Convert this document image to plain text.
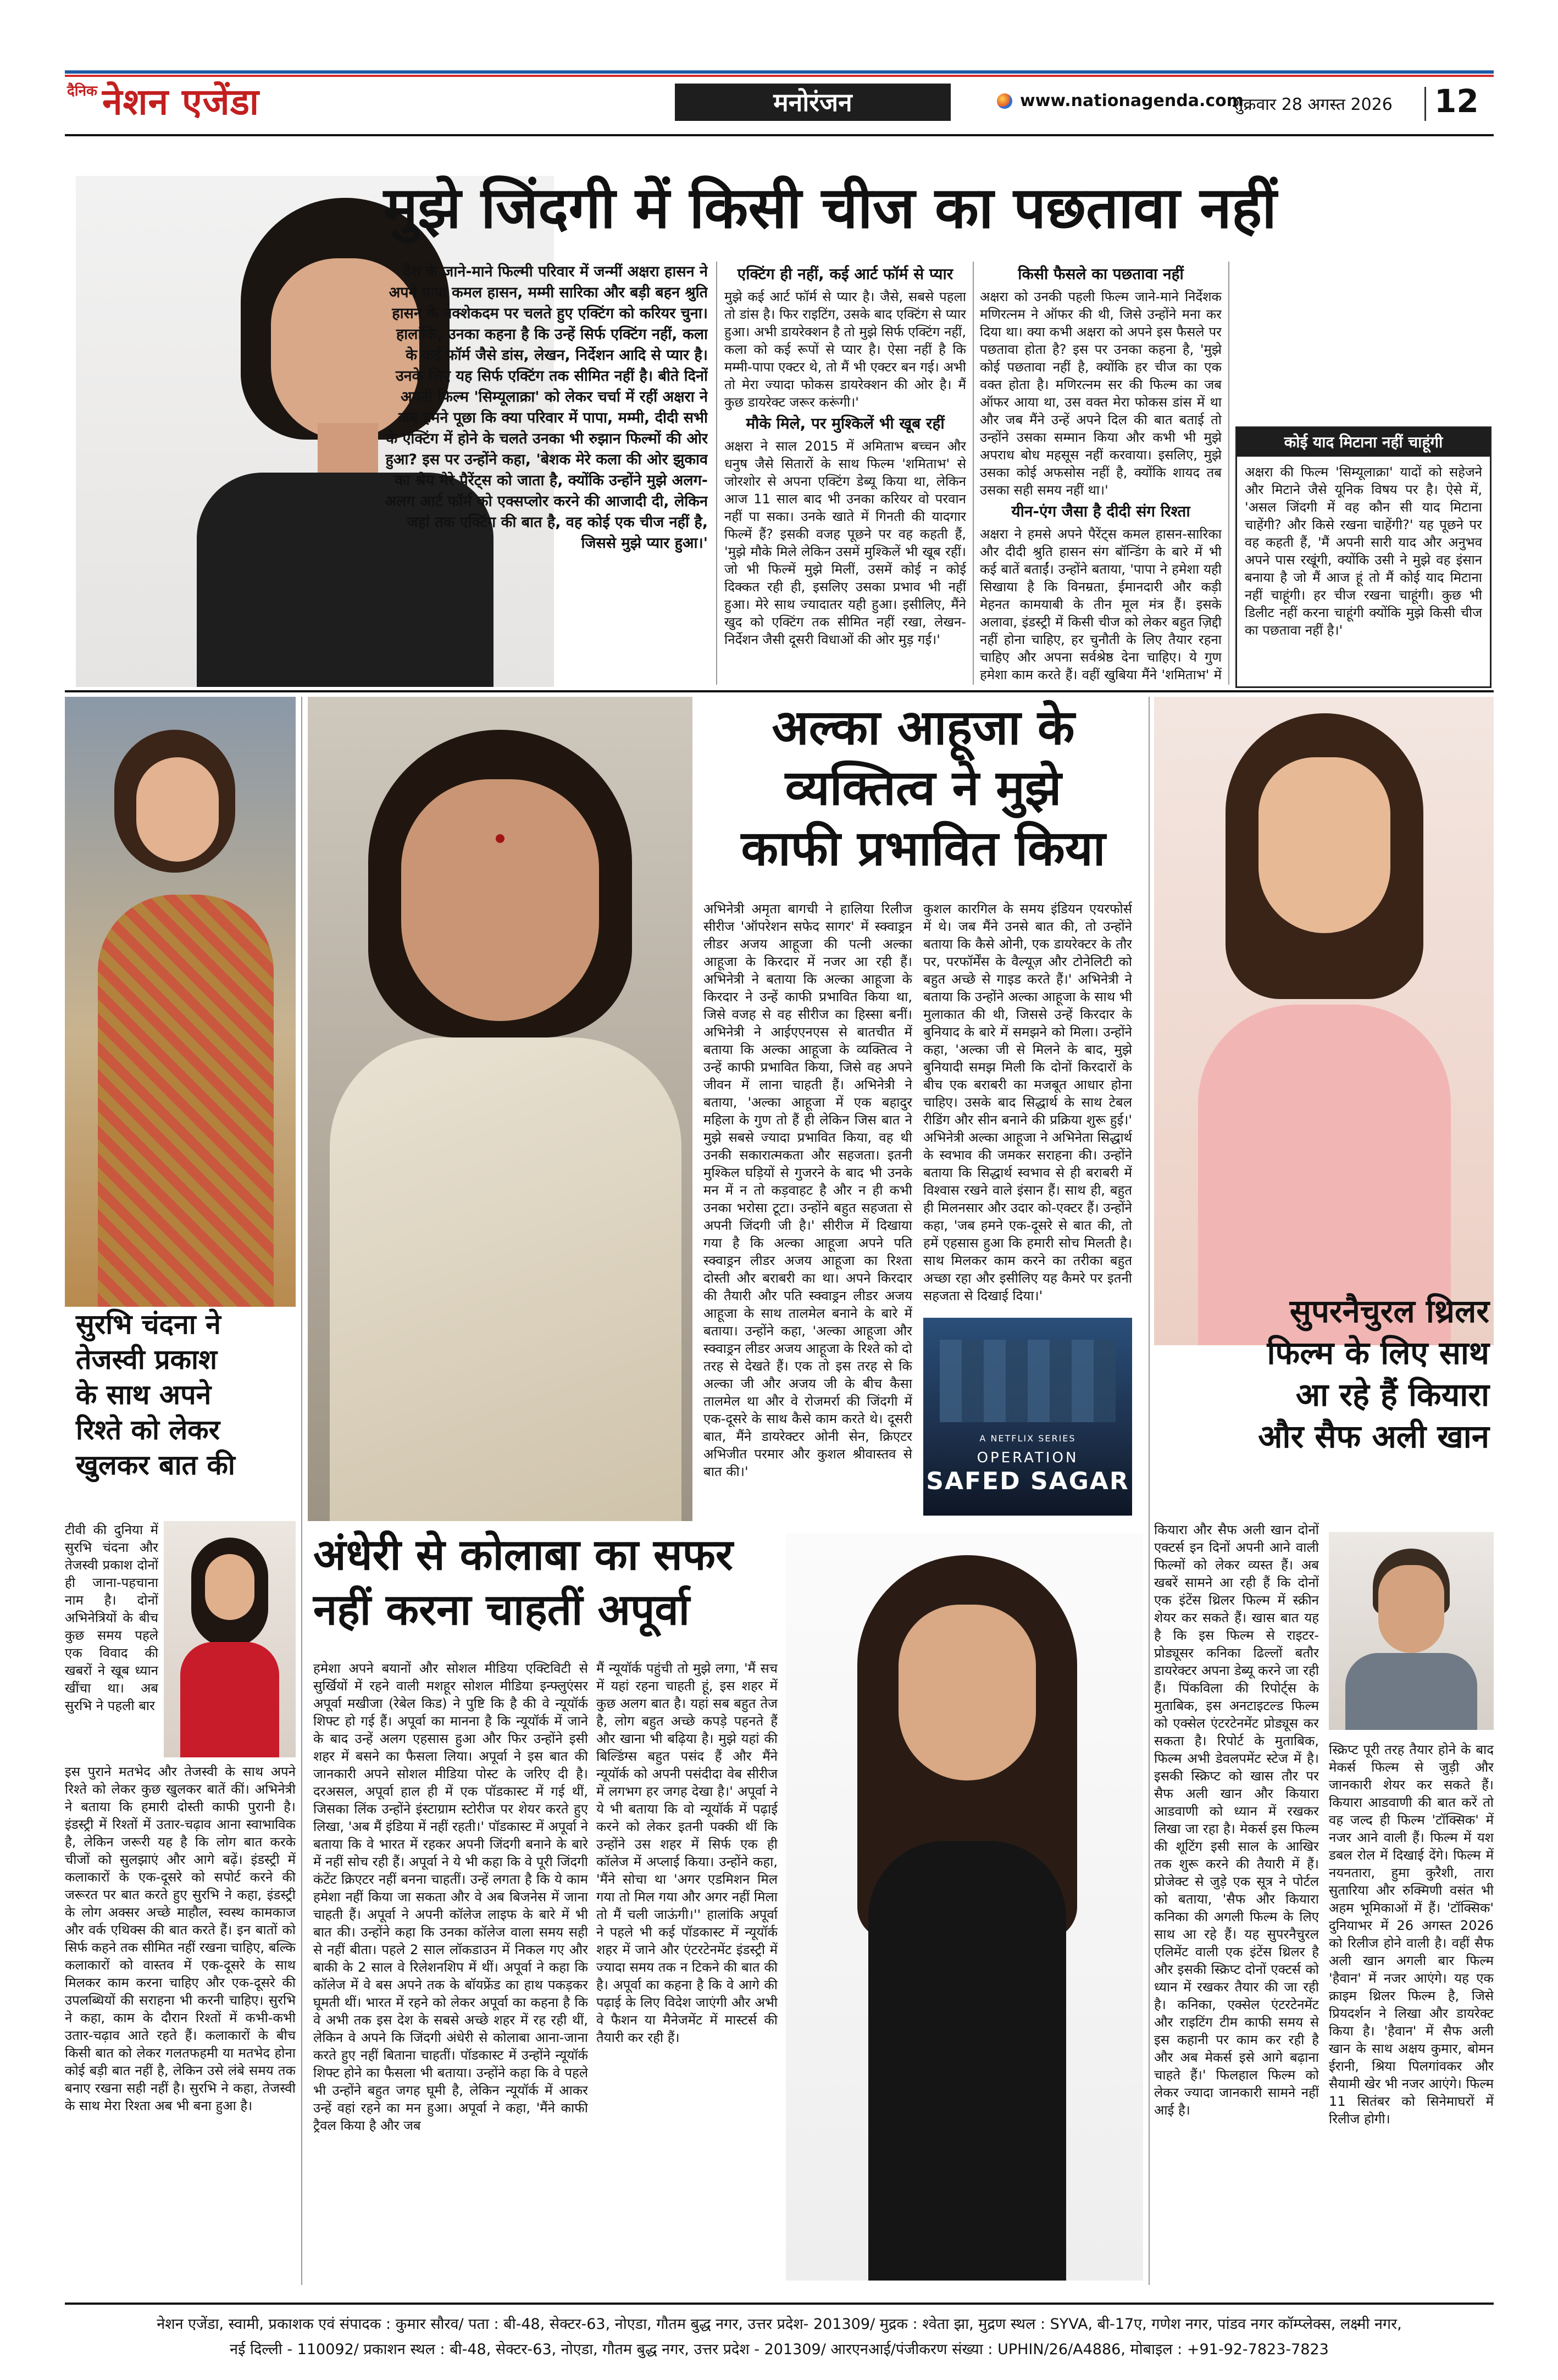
दैनिक नेशन एजेंडा	मनोरंजन	www.nationagenda.com
शुक्रवार 28 अगस्त 2026 12
मुझे जिंदगी में किसी चीज का पछतावा नहीं

देश के जाने-माने फिल्मी परिवार में जन्मीं अक्षरा हासन ने अपने पापा कमल हासन, मम्मी सारिका और बड़ी बहन श्रुति हासन के नक्शेकदम पर चलते हुए एक्टिंग को करियर चुना। हालांकि, उनका कहना है कि उन्हें सिर्फ एक्टिंग नहीं, कला के कई फॉर्म जैसे डांस, लेखन, निर्देशन आदि से प्यार है। उनके लिए यह सिर्फ एक्टिंग तक सीमित नहीं है। बीते दिनों अपनी फिल्म 'सिम्यूलाक्रा' को लेकर चर्चा में रहीं अक्षरा ने जब हमने पूछा कि क्या परिवार में पापा, मम्मी, दीदी सभी के एक्टिंग में होने के चलते उनका भी रुझान फिल्मों की ओर हुआ? इस पर उन्होंने कहा, 'बेशक मेरे कला की ओर झुकाव का श्रेय मेरे पैरेंट्स को जाता है, क्योंकि उन्होंने मुझे अलग-अलग आर्ट फॉर्म को एक्सप्लोर करने की आजादी दी, लेकिन जहां तक एक्टिंग की बात है, वह कोई एक चीज नहीं है, जिससे मुझे प्यार हुआ।'

एक्टिंग ही नहीं, कई आर्ट फॉर्म से प्यार

मुझे कई आर्ट फॉर्म से प्यार है। जैसे, सबसे पहला तो डांस है। फिर राइटिंग, उसके बाद एक्टिंग से प्यार हुआ। अभी डायरेक्शन है तो मुझे सिर्फ एक्टिंग नहीं, कला को कई रूपों से प्यार है। ऐसा नहीं है कि मम्मी-पापा एक्टर थे, तो मैं भी एक्टर बन गई। अभी तो मेरा ज्यादा फोकस डायरेक्शन की ओर है। मैं कुछ डायरेक्ट जरूर करूंगी।'

मौके मिले, पर मुश्किलें भी खूब रहीं

अक्षरा ने साल 2015 में अमिताभ बच्चन और धनुष जैसे सितारों के साथ फिल्म 'शमिताभ' से जोरशोर से अपना एक्टिंग डेब्यू किया था, लेकिन आज 11 साल बाद भी उनका करियर वो परवान नहीं पा सका। उनके खाते में गिनती की यादगार फिल्में हैं? इसकी वजह पूछने पर वह कहती हैं, 'मुझे मौके मिले लेकिन उसमें मुश्किलें भी खूब रहीं। जो भी फिल्में मुझे मिलीं, उसमें कोई न कोई दिक्कत रही ही, इसलिए उसका प्रभाव भी नहीं हुआ। मेरे साथ ज्यादातर यही हुआ। इसीलिए, मैंने खुद को एक्टिंग तक सीमित नहीं रखा, लेखन-निर्देशन जैसी दूसरी विधाओं की ओर मुड़ गई।'

किसी फैसले का पछतावा नहीं

अक्षरा को उनकी पहली फिल्म जाने-माने निर्देशक मणिरत्नम ने ऑफर की थी, जिसे उन्होंने मना कर दिया था। क्या कभी अक्षरा को अपने इस फैसले पर पछतावा होता है? इस पर उनका कहना है, 'मुझे कोई पछतावा नहीं है, क्योंकि हर चीज का एक वक्त होता है। मणिरत्नम सर की फिल्म का जब ऑफर आया था, उस वक्त मेरा फोकस डांस में था और जब मैंने उन्हें अपने दिल की बात बताई तो उन्होंने उसका सम्मान किया और कभी भी मुझे अपराध बोध महसूस नहीं करवाया। इसलिए, मुझे उसका कोई अफसोस नहीं है, क्योंकि शायद तब उसका सही समय नहीं था।'

यीन-एंग जैसा है दीदी संग रिश्ता

अक्षरा ने हमसे अपने पैरेंट्स कमल हासन-सारिका और दीदी श्रुति हासन संग बॉन्डिंग के बारे में भी कई बातें बताईं। उन्होंने बताया, 'पापा ने हमेशा यही सिखाया है कि विनम्रता, ईमानदारी और कड़ी मेहनत कामयाबी के तीन मूल मंत्र हैं। इसके अलावा, इंडस्ट्री में किसी चीज को लेकर बहुत ज़िद्दी नहीं होना चाहिए, हर चुनौती के लिए तैयार रहना चाहिए और अपना सर्वश्रेष्ठ देना चाहिए। ये गुण हमेशा काम करते हैं। वहीं खुबिया मैंने 'शमिताभ' में

कोई याद मिटाना नहीं चाहूंगी

अक्षरा की फिल्म 'सिम्यूलाक्रा' यादों को सहेजने और मिटाने जैसे यूनिक विषय पर है। ऐसे में, 'असल जिंदगी में वह कौन सी याद मिटाना चाहेंगी? और किसे रखना चाहेंगी?' यह पूछने पर वह कहती हैं, 'मैं अपनी सारी याद और अनुभव अपने पास रखूंगी, क्योंकि उसी ने मुझे वह इंसान बनाया है जो मैं आज हूं तो मैं कोई याद मिटाना नहीं चाहूंगी। हर चीज रखना चाहूंगी। कुछ भी डिलीट नहीं करना चाहूंगी क्योंकि मुझे किसी चीज का पछतावा नहीं है।'

सुरभि चंदना ने
तेजस्वी प्रकाश
के साथ अपने
रिश्ते को लेकर
खुलकर बात की

टीवी की दुनिया में सुरभि चंदना और तेजस्वी प्रकाश दोनों ही जाना-पहचाना नाम है। दोनों अभिनेत्रियों के बीच कुछ समय पहले एक विवाद की खबरों ने खूब ध्यान खींचा था। अब सुरभि ने पहली बार

इस पुराने मतभेद और तेजस्वी के साथ अपने रिश्ते को लेकर कुछ खुलकर बातें कीं। अभिनेत्री ने बताया कि हमारी दोस्ती काफी पुरानी है। इंडस्ट्री में रिश्तों में उतार-चढ़ाव आना स्वाभाविक है, लेकिन जरूरी यह है कि लोग बात करके चीजों को सुलझाएं और आगे बढ़ें। इंडस्ट्री में कलाकारों के एक-दूसरे को सपोर्ट करने की जरूरत पर बात करते हुए सुरभि ने कहा, इंडस्ट्री के लोग अक्सर अच्छे माहौल, स्वस्थ कामकाज और वर्क एथिक्स की बात करते हैं। इन बातों को सिर्फ कहने तक सीमित नहीं रखना चाहिए, बल्कि कलाकारों को वास्तव में एक-दूसरे के साथ मिलकर काम करना चाहिए और एक-दूसरे की उपलब्धियों की सराहना भी करनी चाहिए। सुरभि ने कहा, काम के दौरान रिश्तों में कभी-कभी उतार-चढ़ाव आते रहते हैं। कलाकारों के बीच किसी बात को लेकर गलतफहमी या मतभेद होना कोई बड़ी बात नहीं है, लेकिन उसे लंबे समय तक बनाए रखना सही नहीं है। सुरभि ने कहा, तेजस्वी के साथ मेरा रिश्ता अब भी बना हुआ है।

अल्का आहूजा के
व्यक्तित्व ने मुझे
काफी प्रभावित किया

अभिनेत्री अमृता बागची ने हालिया रिलीज सीरीज 'ऑपरेशन सफेद सागर' में स्क्वाड्रन लीडर अजय आहूजा की पत्नी अल्का आहूजा के किरदार में नजर आ रही हैं। अभिनेत्री ने बताया कि अल्का आहूजा के किरदार ने उन्हें काफी प्रभावित किया था, जिसे वजह से वह सीरीज का हिस्सा बनीं। अभिनेत्री ने आईएएनएस से बातचीत में बताया कि अल्का आहूजा के व्यक्तित्व ने उन्हें काफी प्रभावित किया, जिसे वह अपने जीवन में लाना चाहती हैं। अभिनेत्री ने बताया, 'अल्का आहूजा में एक बहादुर महिला के गुण तो हैं ही लेकिन जिस बात ने मुझे सबसे ज्यादा प्रभावित किया, वह थी उनकी सकारात्मकता और सहजता। इतनी मुश्किल घड़ियों से गुजरने के बाद भी उनके मन में न तो कड़वाहट है और न ही कभी उनका भरोसा टूटा। उन्होंने बहुत सहजता से अपनी जिंदगी जी है।' सीरीज में दिखाया गया है कि अल्का आहूजा अपने पति स्क्वाड्रन लीडर अजय आहूजा का रिश्ता दोस्ती और बराबरी का था। अपने किरदार की तैयारी और पति स्क्वाड्रन लीडर अजय आहूजा के साथ तालमेल बनाने के बारे में बताया। उन्होंने कहा, 'अल्का आहूजा और स्क्वाड्रन लीडर अजय आहूजा के रिश्ते को दो तरह से देखते हैं। एक तो इस तरह से कि अल्का जी और अजय जी के बीच कैसा तालमेल था और वे रोजमर्रा की जिंदगी में एक-दूसरे के साथ कैसे काम करते थे। दूसरी बात, मैंने डायरेक्टर ओनी सेन, क्रिएटर अभिजीत परमार और कुशल श्रीवास्तव से बात की।'

कुशल कारगिल के समय इंडियन एयरफोर्स में थे। जब मैंने उनसे बात की, तो उन्होंने बताया कि कैसे ओनी, एक डायरेक्टर के तौर पर, परफॉर्मेंस के वैल्यूज़ और टोनेलिटी को बहुत अच्छे से गाइड करते हैं।' अभिनेत्री ने बताया कि उन्होंने अल्का आहूजा के साथ भी मुलाकात की थी, जिससे उन्हें किरदार के बुनियाद के बारे में समझने को मिला। उन्होंने कहा, 'अल्का जी से मिलने के बाद, मुझे बुनियादी समझ मिली कि दोनों किरदारों के बीच एक बराबरी का मजबूत आधार होना चाहिए। उसके बाद सिद्धार्थ के साथ टेबल रीडिंग और सीन बनाने की प्रक्रिया शुरू हुई।' अभिनेत्री अल्का आहूजा ने अभिनेता सिद्धार्थ के स्वभाव की जमकर सराहना की। उन्होंने बताया कि सिद्धार्थ स्वभाव से ही बराबरी में विश्वास रखने वाले इंसान हैं। साथ ही, बहुत ही मिलनसार और उदार को-एक्टर हैं। उन्होंने कहा, 'जब हमने एक-दूसरे से बात की, तो हमें एहसास हुआ कि हमारी सोच मिलती है। साथ मिलकर काम करने का तरीका बहुत अच्छा रहा और इसीलिए यह कैमरे पर इतनी सहजता से दिखाई दिया।'

A NETFLIX SERIES
OPERATION
SAFED SAGAR
अंधेरी से कोलाबा का सफर
नहीं करना चाहतीं अपूर्वा

हमेशा अपने बयानों और सोशल मीडिया एक्टिविटी से सुर्खियों में रहने वाली मशहूर सोशल मीडिया इन्फ्लुएंसर अपूर्वा मखीजा (रेबेल किड) ने पुष्टि कि है की वे न्यूयॉर्क शिफ्ट हो गई हैं। अपूर्वा का मानना है कि न्यूयॉर्क में जाने के बाद उन्हें अलग एहसास हुआ और फिर उन्होंने इसी शहर में बसने का फैसला लिया। अपूर्वा ने इस बात की जानकारी अपने सोशल मीडिया पोस्ट के जरिए दी है। दरअसल, अपूर्वा हाल ही में एक पॉडकास्ट में गई थीं, जिसका लिंक उन्होंने इंस्टाग्राम स्टोरीज पर शेयर करते हुए लिखा, 'अब मैं इंडिया में नहीं रहती।' पॉडकास्ट में अपूर्वा ने बताया कि वे भारत में रहकर अपनी जिंदगी बनाने के बारे में नहीं सोच रही हैं। अपूर्वा ने ये भी कहा कि वे पूरी जिंदगी कंटेंट क्रिएटर नहीं बनना चाहतीं। उन्हें लगता है कि ये काम हमेशा नहीं किया जा सकता और वे अब बिजनेस में जाना चाहती हैं। अपूर्वा ने अपनी कॉलेज लाइफ के बारे में भी बात की। उन्होंने कहा कि उनका कॉलेज वाला समय सही से नहीं बीता। पहले 2 साल लॉकडाउन में निकल गए और बाकी के 2 साल वे रिलेशनशिप में थीं। अपूर्वा ने कहा कि कॉलेज में वे बस अपने तक के बॉयफ्रेंड का हाथ पकड़कर घूमती थीं। भारत में रहने को लेकर अपूर्वा का कहना है कि वे अभी तक इस देश के सबसे अच्छे शहर में रह रही थीं, लेकिन वे अपने कि जिंदगी अंधेरी से कोलाबा आना-जाना करते हुए नहीं बिताना चाहतीं। पॉडकास्ट में उन्होंने न्यूयॉर्क शिफ्ट होने का फैसला भी बताया। उन्होंने कहा कि वे पहले भी उन्होंने बहुत जगह घूमी है, लेकिन न्यूयॉर्क में आकर उन्हें वहां रहने का मन हुआ। अपूर्वा ने कहा, 'मैंने काफी ट्रैवल किया है और जब

मैं न्यूयॉर्क पहुंची तो मुझे लगा, 'मैं सच में यहां रहना चाहती हूं, इस शहर में कुछ अलग बात है। यहां सब बहुत तेज है, लोग बहुत अच्छे कपड़े पहनते हैं और खाना भी बढ़िया है। मुझे यहां की बिल्डिंग्स बहुत पसंद हैं और मैंने न्यूयॉर्क को अपनी पसंदीदा वेब सीरीज में लगभग हर जगह देखा है।' अपूर्वा ने ये भी बताया कि वो न्यूयॉर्क में पढ़ाई करने को लेकर इतनी पक्की थीं कि उन्होंने उस शहर में सिर्फ एक ही कॉलेज में अप्लाई किया। उन्होंने कहा, 'मैंने सोचा था 'अगर एडमिशन मिल गया तो मिल गया और अगर नहीं मिला तो मैं चली जाऊंगी।'' हालांकि अपूर्वा ने पहले भी कई पॉडकास्ट में न्यूयॉर्क शहर में जाने और एंटरटेनमेंट इंडस्ट्री में ज्यादा समय तक न टिकने की बात की है। अपूर्वा का कहना है कि वे आगे की पढ़ाई के लिए विदेश जाएंगी और अभी वे फैशन या मैनेजमेंट में मास्टर्स की तैयारी कर रही हैं।

सुपरनैचुरल थ्रिलर
फिल्म के लिए साथ
आ रहे हैं कियारा
और सैफ अली खान

कियारा और सैफ अली खान दोनों एक्टर्स इन दिनों अपनी आने वाली फिल्मों को लेकर व्यस्त हैं। अब खबरें सामने आ रही हैं कि दोनों एक इंटेंस थ्रिलर फिल्म में स्क्रीन शेयर कर सकते हैं। खास बात यह है कि इस फिल्म से राइटर-प्रोड्यूसर कनिका ढिल्लों बतौर डायरेक्टर अपना डेब्यू करने जा रही हैं। पिंकविला की रिपोर्ट्स के मुताबिक, इस अनटाइटल्ड फिल्म को एक्सेल एंटरटेनमेंट प्रोड्यूस कर सकता है। रिपोर्ट के मुताबिक, फिल्म अभी डेवलपमेंट स्टेज में है। इसकी स्क्रिप्ट को खास तौर पर सैफ अली खान और कियारा आडवाणी को ध्यान में रखकर लिखा जा रहा है। मेकर्स इस फिल्म की शूटिंग इसी साल के आखिर तक शुरू करने की तैयारी में हैं। प्रोजेक्ट से जुड़े एक सूत्र ने पोर्टल को बताया, 'सैफ और कियारा कनिका की अगली फिल्म के लिए साथ आ रहे हैं। यह सुपरनैचुरल एलिमेंट वाली एक इंटेंस थ्रिलर है और इसकी स्क्रिप्ट दोनों एक्टर्स को ध्यान में रखकर तैयार की जा रही है। कनिका, एक्सेल एंटरटेनमेंट और राइटिंग टीम काफी समय से इस कहानी पर काम कर रही है और अब मेकर्स इसे आगे बढ़ाना चाहते हैं।' फिलहाल फिल्म को लेकर ज्यादा जानकारी सामने नहीं आई है।

स्क्रिप्ट पूरी तरह तैयार होने के बाद मेकर्स फिल्म से जुड़ी और जानकारी शेयर कर सकते हैं। कियारा आडवाणी की बात करें तो वह जल्द ही फिल्म 'टॉक्सिक' में नजर आने वाली हैं। फिल्म में यश डबल रोल में दिखाई देंगे। फिल्म में नयनतारा, हुमा कुरैशी, तारा सुतारिया और रुक्मिणी वसंत भी अहम भूमिकाओं में हैं। 'टॉक्सिक' दुनियाभर में 26 अगस्त 2026 को रिलीज होने वाली है। वहीं सैफ अली खान अगली बार फिल्म 'हैवान' में नजर आएंगे। यह एक क्राइम थ्रिलर फिल्म है, जिसे प्रियदर्शन ने लिखा और डायरेक्ट किया है। 'हैवान' में सैफ अली खान के साथ अक्षय कुमार, बोमन ईरानी, श्रिया पिलगांवकर और सैयामी खेर भी नजर आएंगे। फिल्म 11 सितंबर को सिनेमाघरों में रिलीज होगी।

नेशन एजेंडा, स्वामी, प्रकाशक एवं संपादक : कुमार सौरव/ पता : बी-48, सेक्टर-63, नोएडा, गौतम बुद्ध नगर, उत्तर प्रदेश- 201309/ मुद्रक : श्वेता झा, मुद्रण स्थल : SYVA, बी-17ए, गणेश नगर, पांडव नगर कॉम्प्लेक्स, लक्ष्मी नगर,
नई दिल्ली - 110092/ प्रकाशन स्थल : बी-48, सेक्टर-63, नोएडा, गौतम बुद्ध नगर, उत्तर प्रदेश - 201309/ आरएनआई/पंजीकरण संख्या : UPHIN/26/A4886, मोबाइल : +91-92-7823-7823
